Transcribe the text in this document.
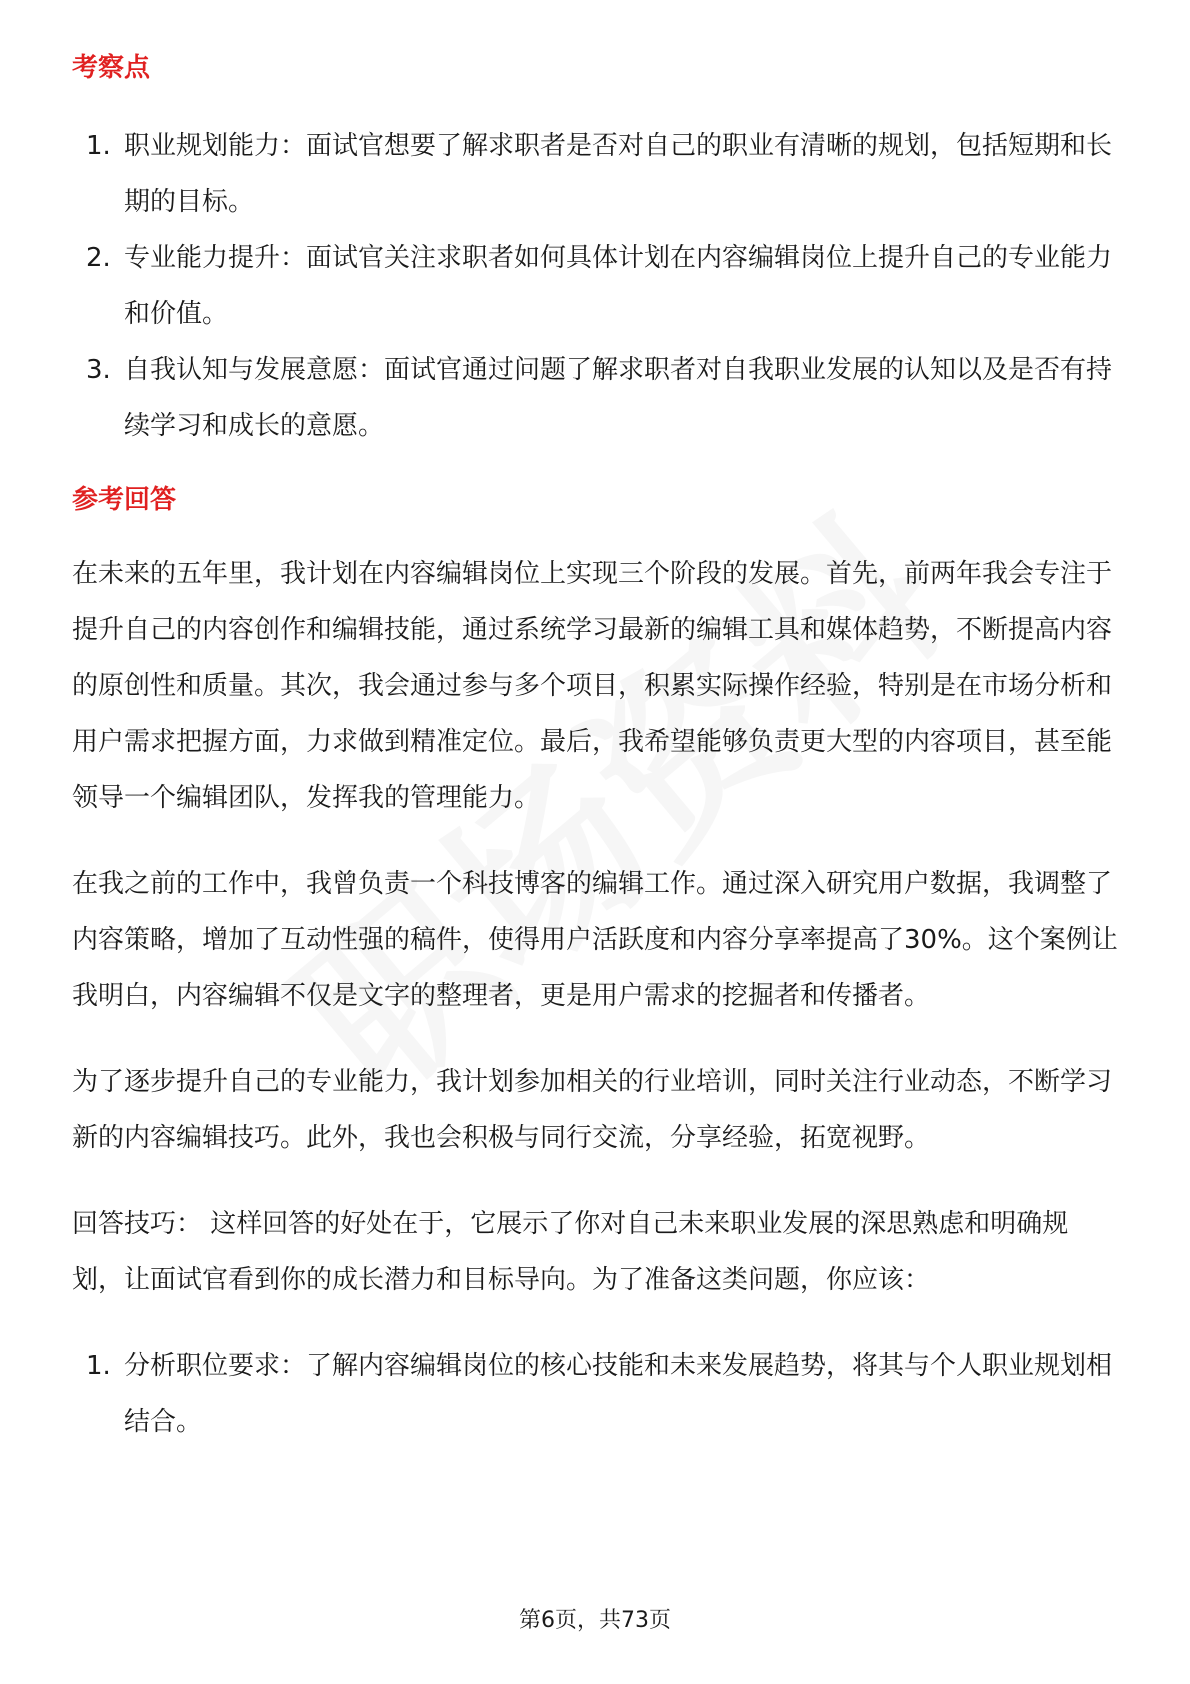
考察点
1. 职业规划能力：面试官想要了解求职者是否对自己的职业有清晰的规划，包括短期和长期的目标。
2. 专业能力提升：面试官关注求职者如何具体计划在内容编辑岗位上提升自己的专业能力和价值。
3. 自我认知与发展意愿：面试官通过问题了解求职者对自我职业发展的认知以及是否有持续学习和成长的意愿。
参考回答

在未来的五年里，我计划在内容编辑岗位上实现三个阶段的发展。首先，前两年我会专注于提升自己的内容创作和编辑技能，通过系统学习最新的编辑工具和媒体趋势，不断提高内容的原创性和质量。其次，我会通过参与多个项目，积累实际操作经验，特别是在市场分析和用户需求把握方面，力求做到精准定位。最后，我希望能够负责更大型的内容项目，甚至能领导一个编辑团队，发挥我的管理能力。

在我之前的工作中，我曾负责一个科技博客的编辑工作。通过深入研究用户数据，我调整了内容策略，增加了互动性强的稿件，使得用户活跃度和内容分享率提高了30%。这个案例让我明白，内容编辑不仅是文字的整理者，更是用户需求的挖掘者和传播者。

为了逐步提升自己的专业能力，我计划参加相关的行业培训，同时关注行业动态，不断学习新的内容编辑技巧。此外，我也会积极与同行交流，分享经验，拓宽视野。

回答技巧： 这样回答的好处在于，它展示了你对自己未来职业发展的深思熟虑和明确规划，让面试官看到你的成长潜力和目标导向。为了准备这类问题，你应该：

1. 分析职位要求：了解内容编辑岗位的核心技能和未来发展趋势，将其与个人职业规划相结合。
第6页，共73页
